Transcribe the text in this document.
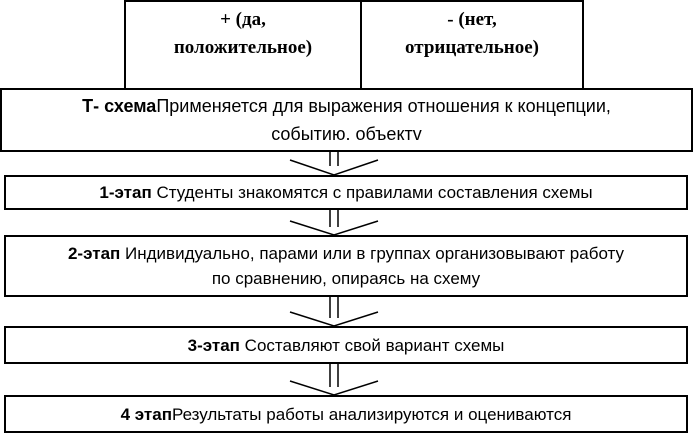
+ (да,
положительное)
- (нет,
отрицательное)
Т- схемаПрименяется для выражения отношения к концепции,
событию. объектv
1-этап Студенты знакомятся с правилами составления схемы
2-этап Индивидуально, парами или в группах организовывают работу
по сравнению, опираясь на схему
3-этап Составляют свой вариант схемы
4 этапРезультаты работы анализируются и оцениваются
